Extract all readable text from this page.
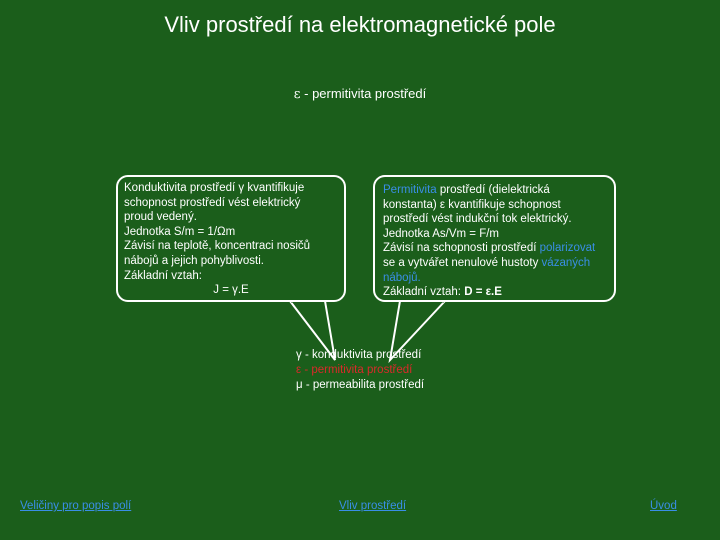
Vliv prostředí na elektromagnetické pole
ε - permitivita prostředí
Konduktivita prostředí γ kvantifikuje
schopnost prostředí vést elektrický
proud vedený.
Jednotka S/m = 1/Ωm
Závisí na teplotě, koncentraci nosičů
nábojů a jejich pohyblivosti.
Základní vztah:
J = γ.E
Permitivita prostředí (dielektrická
konstanta) ε kvantifikuje schopnost
prostředí vést indukční tok elektrický.
Jednotka As/Vm = F/m
Závisí na schopnosti prostředí polarizovat
se a vytvářet nenulové hustoty vázaných
nábojů.
Základní vztah: D = ε.E
γ - konduktivita prostředí
ε - permitivita prostředí
μ - permeabilita prostředí
Veličiny pro popis polí	Vliv prostředí	Úvod
